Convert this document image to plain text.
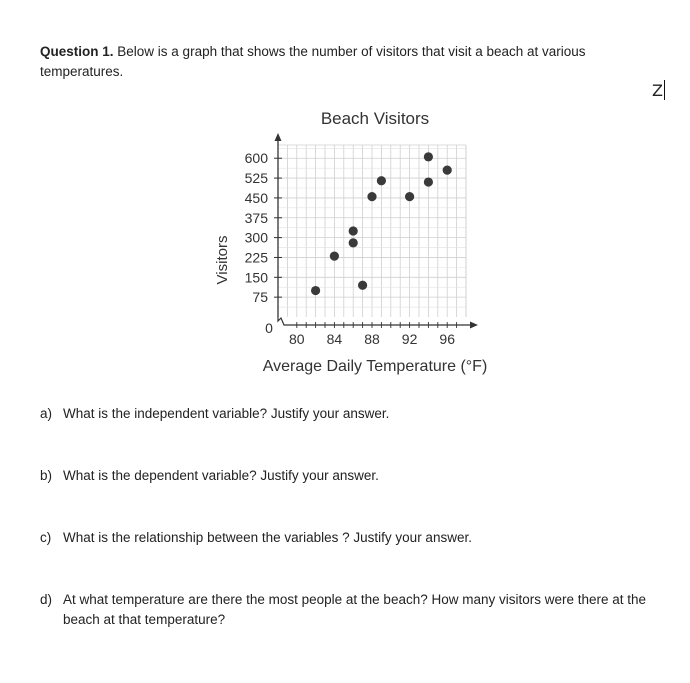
Question 1. Below is a graph that shows the number of visitors that visit a beach at various temperatures.
Z
Beach Visitors
75
150
225
300
375
450
525
600
80 84 88 92 96
0
Visitors
Average Daily Temperature (°F)
a) What is the independent variable? Justify your answer.
b) What is the dependent variable? Justify your answer.
c) What is the relationship between the variables ? Justify your answer.
d) At what temperature are there the most people at the beach? How many visitors were there at the beach at that temperature?
